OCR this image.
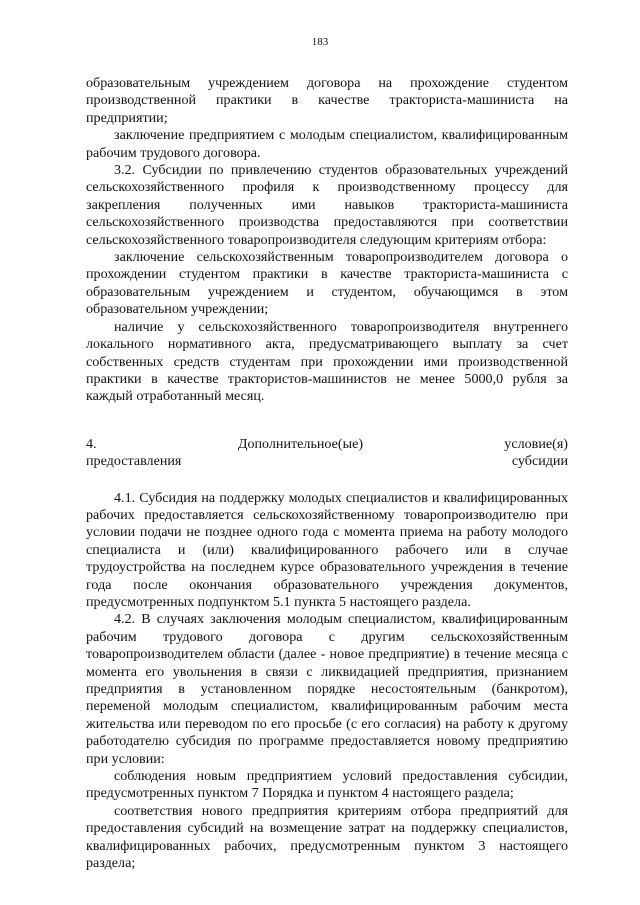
183

образовательным учреждением договора на прохождение студентом производственной практики в качестве тракториста-машиниста на предприятии;

заключение предприятием с молодым специалистом, квалифицированным рабочим трудового договора.

3.2. Субсидии по привлечению студентов образовательных учреждений сельскохозяйственного профиля к производственному процессу для закрепления полученных ими навыков тракториста-машиниста сельскохозяйственного производства предоставляются при соответствии сельскохозяйственного товаропроизводителя следующим критериям отбора:

заключение сельскохозяйственным товаропроизводителем договора о прохождении студентом практики в качестве тракториста-машиниста с образовательным учреждением и студентом, обучающимся в этом образовательном учреждении;

наличие у сельскохозяйственного товаропроизводителя внутреннего локального нормативного акта, предусматривающего выплату за счет собственных средств студентам при прохождении ими производственной практики в качестве трактористов-машинистов не менее 5000,0 рубля за каждый отработанный месяц.

4. Дополнительное(ые) условие(я)

предоставления субсидии

4.1. Субсидия на поддержку молодых специалистов и квалифицированных рабочих предоставляется сельскохозяйственному товаропроизводителю при условии подачи не позднее одного года с момента приема на работу молодого специалиста и (или) квалифицированного рабочего или в случае трудоустройства на последнем курсе образовательного учреждения в течение года после окончания образовательного учреждения документов, предусмотренных подпунктом 5.1 пункта 5 настоящего раздела.

4.2. В случаях заключения молодым специалистом, квалифицированным рабочим трудового договора с другим сельскохозяйственным товаропроизводителем области (далее - новое предприятие) в течение месяца с момента его увольнения в связи с ликвидацией предприятия, признанием предприятия в установленном порядке несостоятельным (банкротом), переменой молодым специалистом, квалифицированным рабочим места жительства или переводом по его просьбе (с его согласия) на работу к другому работодателю субсидия по программе предоставляется новому предприятию при условии:

соблюдения новым предприятием условий предоставления субсидии, предусмотренных пунктом 7 Порядка и пунктом 4 настоящего раздела;

соответствия нового предприятия критериям отбора предприятий для предоставления субсидий на возмещение затрат на поддержку специалистов, квалифицированных рабочих, предусмотренным пунктом 3 настоящего раздела;
